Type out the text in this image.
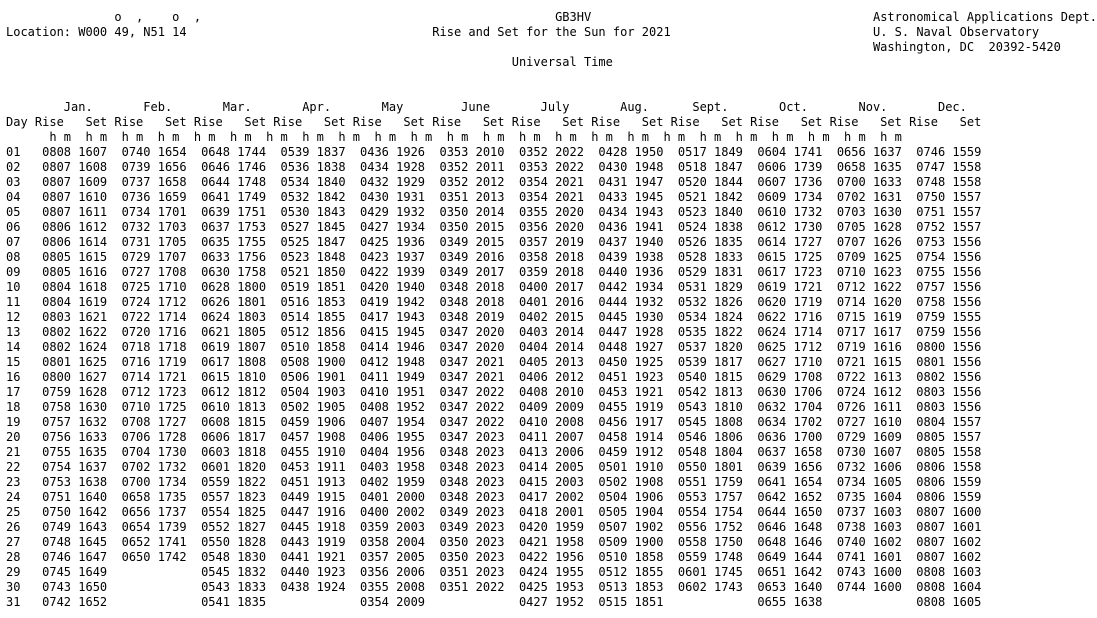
o  ,    o  ,                                                 GB3HV	Astronomical Applications Dept.
Location: W000 49, N51 14                                  Rise and Set for the Sun for 2021                            U. S. Naval Observatory
Washington, DC  20392-5420
Universal Time

Jan.       Feb.       Mar.       Apr.       May        June       July       Aug.      Sept.       Oct.       Nov.       Dec.
Day Rise   Set Rise   Set Rise   Set Rise   Set Rise   Set Rise   Set Rise   Set Rise   Set Rise   Set Rise   Set Rise   Set Rise   Set
h m  h m  h m  h m  h m  h m  h m  h m  h m  h m  h m  h m  h m  h m  h m  h m  h m  h m  h m  h m  h m  h m  h m  h m
01   0808 1607  0740 1654  0648 1744  0539 1837  0436 1926  0353 2010  0352 2022  0428 1950  0517 1849  0604 1741  0656 1637  0746 1559
02   0807 1608  0739 1656  0646 1746  0536 1838  0434 1928  0352 2011  0353 2022  0430 1948  0518 1847  0606 1739  0658 1635  0747 1558
03   0807 1609  0737 1658  0644 1748  0534 1840  0432 1929  0352 2012  0354 2021  0431 1947  0520 1844  0607 1736  0700 1633  0748 1558
04   0807 1610  0736 1659  0641 1749  0532 1842  0430 1931  0351 2013  0354 2021  0433 1945  0521 1842  0609 1734  0702 1631  0750 1557
05   0807 1611  0734 1701  0639 1751  0530 1843  0429 1932  0350 2014  0355 2020  0434 1943  0523 1840  0610 1732  0703 1630  0751 1557
06   0806 1612  0732 1703  0637 1753  0527 1845  0427 1934  0350 2015  0356 2020  0436 1941  0524 1838  0612 1730  0705 1628  0752 1557
07   0806 1614  0731 1705  0635 1755  0525 1847  0425 1936  0349 2015  0357 2019  0437 1940  0526 1835  0614 1727  0707 1626  0753 1556
08   0805 1615  0729 1707  0633 1756  0523 1848  0423 1937  0349 2016  0358 2018  0439 1938  0528 1833  0615 1725  0709 1625  0754 1556
09   0805 1616  0727 1708  0630 1758  0521 1850  0422 1939  0349 2017  0359 2018  0440 1936  0529 1831  0617 1723  0710 1623  0755 1556
10   0804 1618  0725 1710  0628 1800  0519 1851  0420 1940  0348 2018  0400 2017  0442 1934  0531 1829  0619 1721  0712 1622  0757 1556
11   0804 1619  0724 1712  0626 1801  0516 1853  0419 1942  0348 2018  0401 2016  0444 1932  0532 1826  0620 1719  0714 1620  0758 1556
12   0803 1621  0722 1714  0624 1803  0514 1855  0417 1943  0348 2019  0402 2015  0445 1930  0534 1824  0622 1716  0715 1619  0759 1555
13   0802 1622  0720 1716  0621 1805  0512 1856  0415 1945  0347 2020  0403 2014  0447 1928  0535 1822  0624 1714  0717 1617  0759 1556
14   0802 1624  0718 1718  0619 1807  0510 1858  0414 1946  0347 2020  0404 2014  0448 1927  0537 1820  0625 1712  0719 1616  0800 1556
15   0801 1625  0716 1719  0617 1808  0508 1900  0412 1948  0347 2021  0405 2013  0450 1925  0539 1817  0627 1710  0721 1615  0801 1556
16   0800 1627  0714 1721  0615 1810  0506 1901  0411 1949  0347 2021  0406 2012  0451 1923  0540 1815  0629 1708  0722 1613  0802 1556
17   0759 1628  0712 1723  0612 1812  0504 1903  0410 1951  0347 2022  0408 2010  0453 1921  0542 1813  0630 1706  0724 1612  0803 1556
18   0758 1630  0710 1725  0610 1813  0502 1905  0408 1952  0347 2022  0409 2009  0455 1919  0543 1810  0632 1704  0726 1611  0803 1556
19   0757 1632  0708 1727  0608 1815  0459 1906  0407 1954  0347 2022  0410 2008  0456 1917  0545 1808  0634 1702  0727 1610  0804 1557
20   0756 1633  0706 1728  0606 1817  0457 1908  0406 1955  0347 2023  0411 2007  0458 1914  0546 1806  0636 1700  0729 1609  0805 1557
21   0755 1635  0704 1730  0603 1818  0455 1910  0404 1956  0348 2023  0413 2006  0459 1912  0548 1804  0637 1658  0730 1607  0805 1558
22   0754 1637  0702 1732  0601 1820  0453 1911  0403 1958  0348 2023  0414 2005  0501 1910  0550 1801  0639 1656  0732 1606  0806 1558
23   0753 1638  0700 1734  0559 1822  0451 1913  0402 1959  0348 2023  0415 2003  0502 1908  0551 1759  0641 1654  0734 1605  0806 1559
24   0751 1640  0658 1735  0557 1823  0449 1915  0401 2000  0348 2023  0417 2002  0504 1906  0553 1757  0642 1652  0735 1604  0806 1559
25   0750 1642  0656 1737  0554 1825  0447 1916  0400 2002  0349 2023  0418 2001  0505 1904  0554 1754  0644 1650  0737 1603  0807 1600
26   0749 1643  0654 1739  0552 1827  0445 1918  0359 2003  0349 2023  0420 1959  0507 1902  0556 1752  0646 1648  0738 1603  0807 1601
27   0748 1645  0652 1741  0550 1828  0443 1919  0358 2004  0350 2023  0421 1958  0509 1900  0558 1750  0648 1646  0740 1602  0807 1602
28   0746 1647  0650 1742  0548 1830  0441 1921  0357 2005  0350 2023  0422 1956  0510 1858  0559 1748  0649 1644  0741 1601  0807 1602
29   0745 1649             0545 1832  0440 1923  0356 2006  0351 2023  0424 1955  0512 1855  0601 1745  0651 1642  0743 1600  0808 1603
30   0743 1650             0543 1833  0438 1924  0355 2008  0351 2022  0425 1953  0513 1853  0602 1743  0653 1640  0744 1600  0808 1604
31   0742 1652             0541 1835             0354 2009             0427 1952  0515 1851             0655 1638             0808 1605
